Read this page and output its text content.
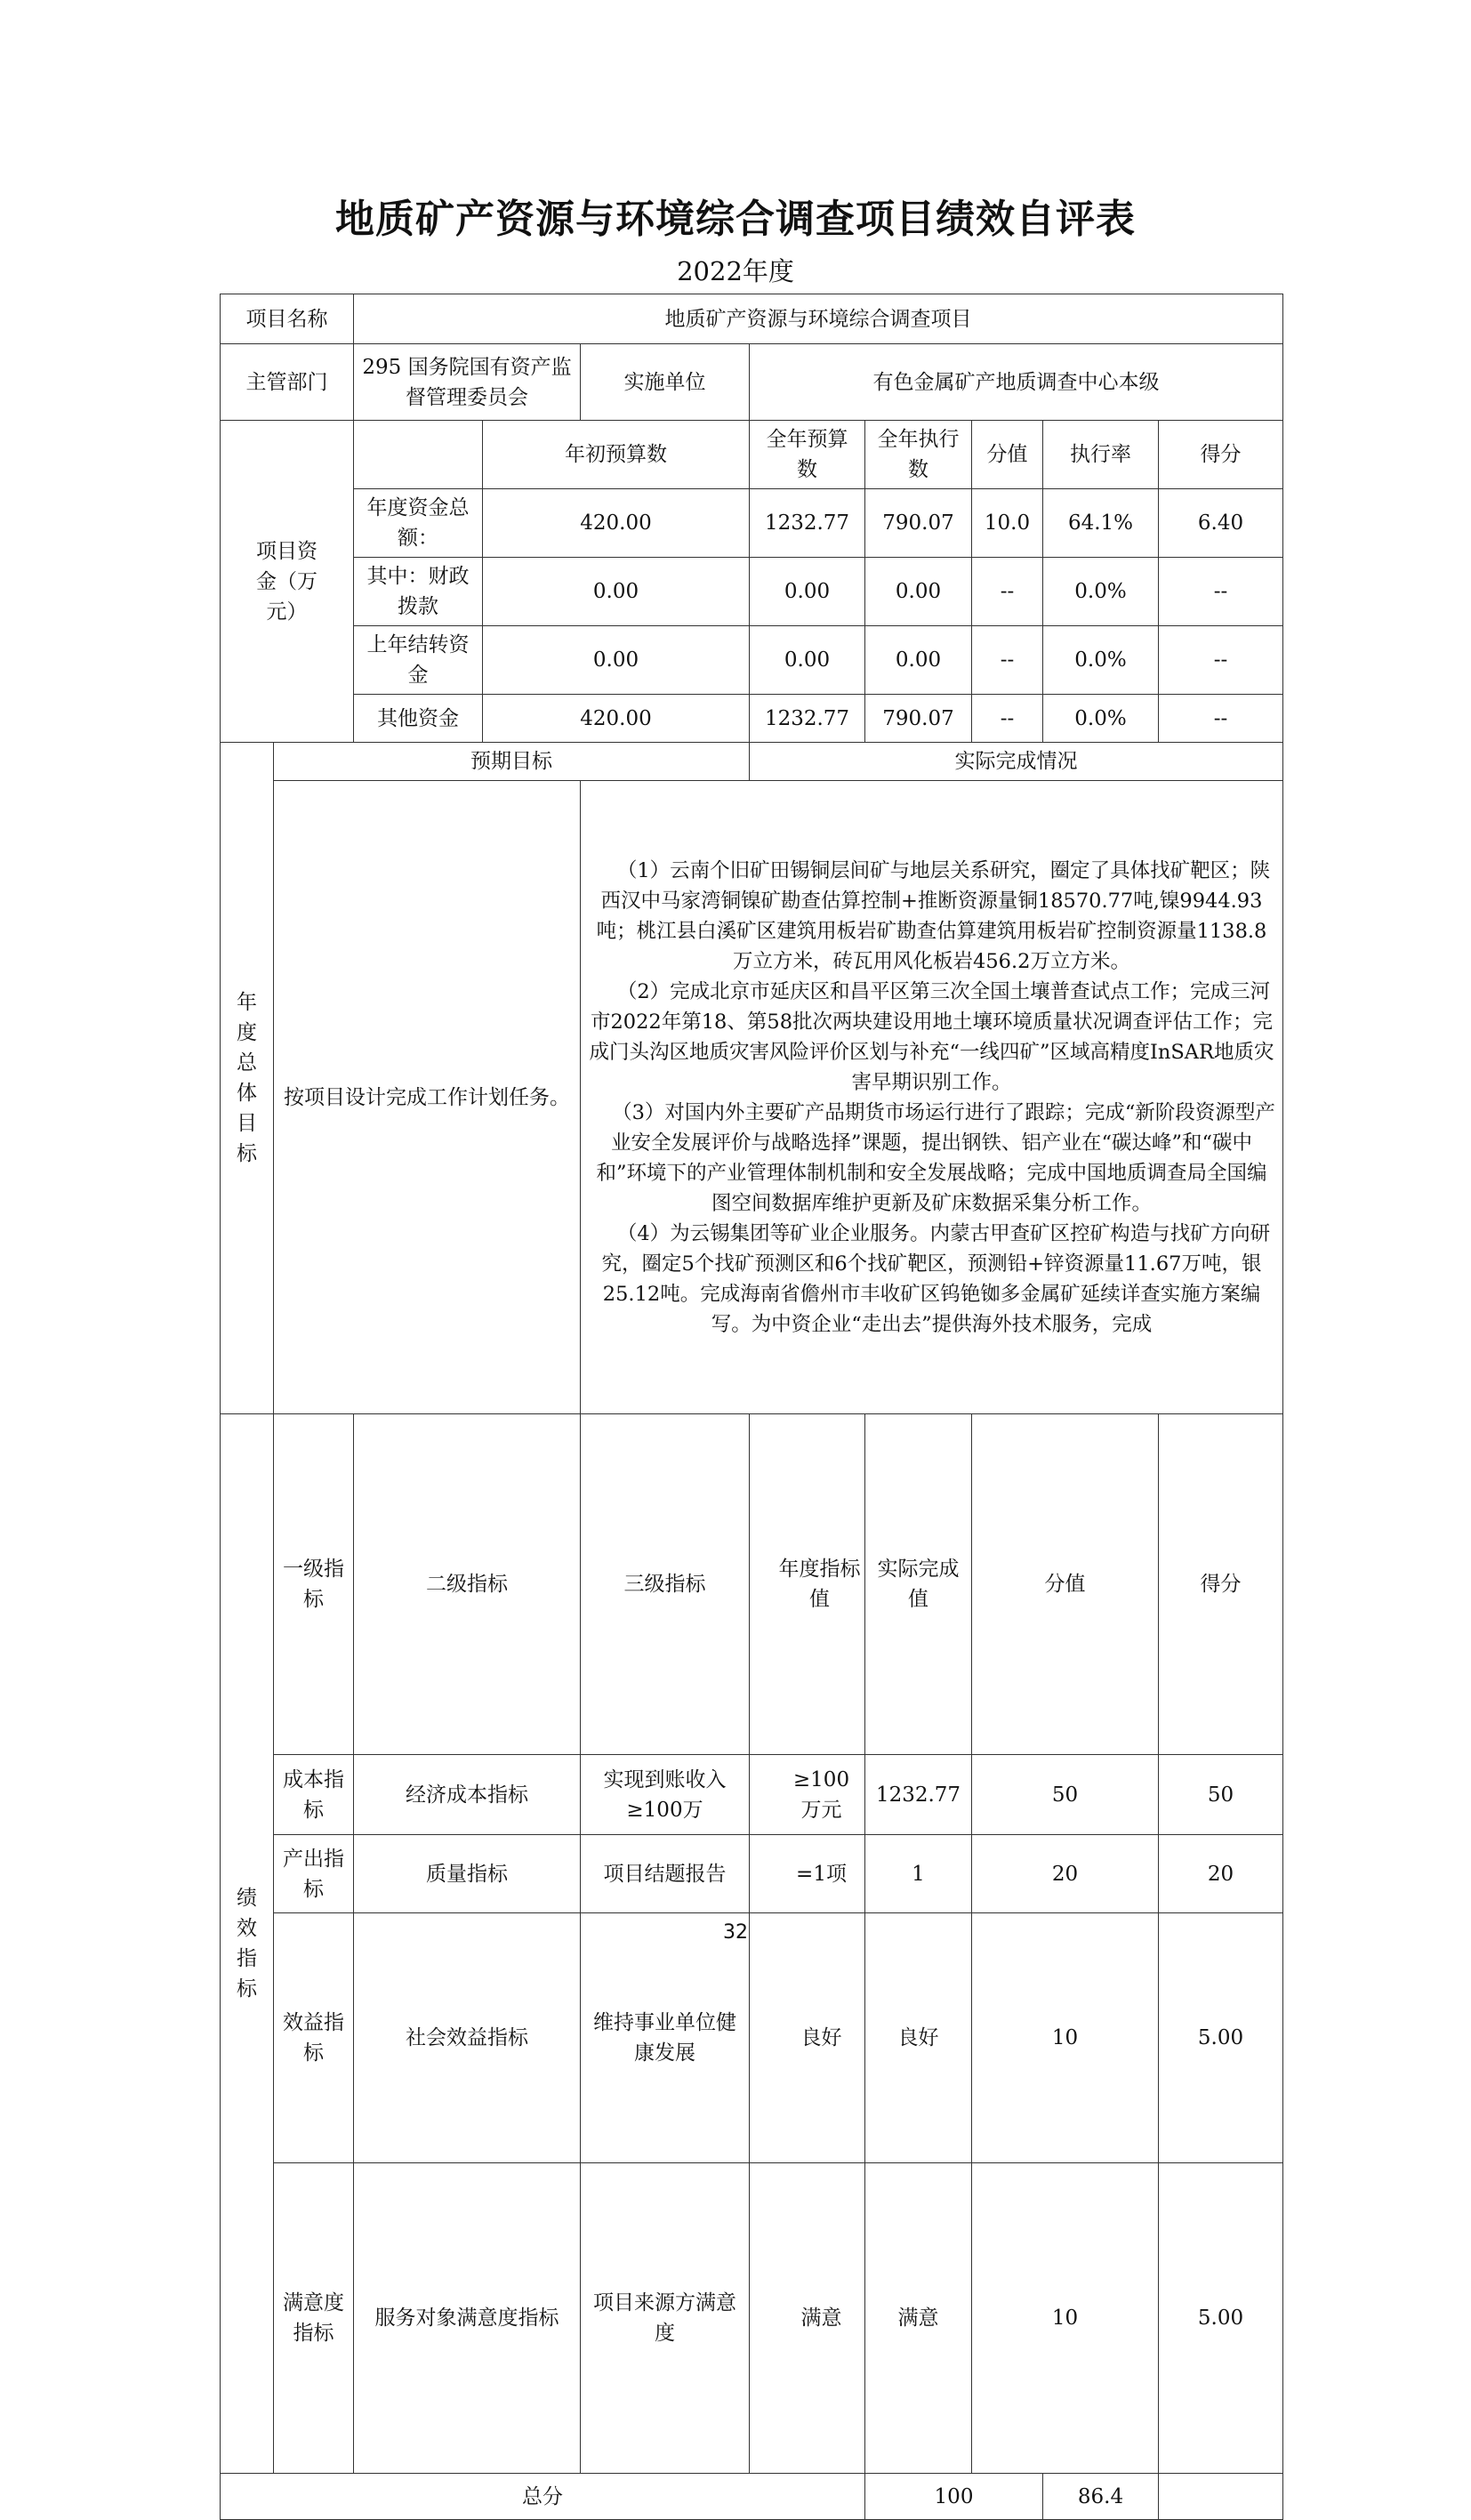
地质矿产资源与环境综合调查项目绩效自评表
2022年度
项目名称		地质矿产资源与环境综合调查项目								
主管部门		295 国务院国有资产监督管理委员会		实施单位	有色金属矿产地质调查中心本级					
项目资金（万元）			年初预算数		全年预算数	全年执行数	分值	执行率	得分	
		年度资金总额：	420.00		1232.77	790.07	10.0	64.1%	6.40	
		其中：财政拨款	0.00		0.00	0.00	--	0.0%	--	
		上年结转资金	0.00		0.00	0.00	--	0.0%	--	
		其他资金	420.00		1232.77	790.07	--	0.0%	--	
年度总体目标	预期目标				实际完成情况					
	按项目设计完成工作计划任务。			（1）云南个旧矿田锡铜层间矿与地层关系研究，圈定了具体找矿靶区；陕西汉中马家湾铜镍矿勘查估算控制+推断资源量铜18570.77吨,镍9944.93吨；桃江县白溪矿区建筑用板岩矿勘查估算建筑用板岩矿控制资源量1138.8万立方米，砖瓦用风化板岩456.2万立方米。
（2）完成北京市延庆区和昌平区第三次全国土壤普查试点工作；完成三河市2022年第18、第58批次两块建设用地土壤环境质量状况调查评估工作；完成门头沟区地质灾害风险评价区划与补充“一线四矿”区域高精度InSAR地质灾害早期识别工作。
（3）对国内外主要矿产品期货市场运行进行了跟踪；完成“新阶段资源型产业安全发展评价与战略选择”课题，提出钢铁、铝产业在“碳达峰”和“碳中和”环境下的产业管理体制机制和安全发展战略；完成中国地质调查局全国编图空间数据库维护更新及矿床数据采集分析工作。
（4）为云锡集团等矿业企业服务。内蒙古甲查矿区控矿构造与找矿方向研究，圈定5个找矿预测区和6个找矿靶区，预测铅+锌资源量11.67万吨，银25.12吨。完成海南省儋州市丰收矿区钨铯铷多金属矿延续详查实施方案编写。为中资企业“走出去”提供海外技术服务，完成						

绩效指标	一级指标	二级指标		三级指标	年度指标值	实际完成值	分值		得分	
	成本指标	经济成本指标		实现到账收入≥100万	≥100万元	1232.77	50		50	
	产出指标	质量指标		项目结题报告	=1项	1	20		20	
	效益指标	社会效益指标		维持事业单位健康发展	良好	良好	10		5.00	
	满意度指标	服务对象满意度指标		项目来源方满意度	满意	满意	10		5.00	
总分						100		86.4		
32
